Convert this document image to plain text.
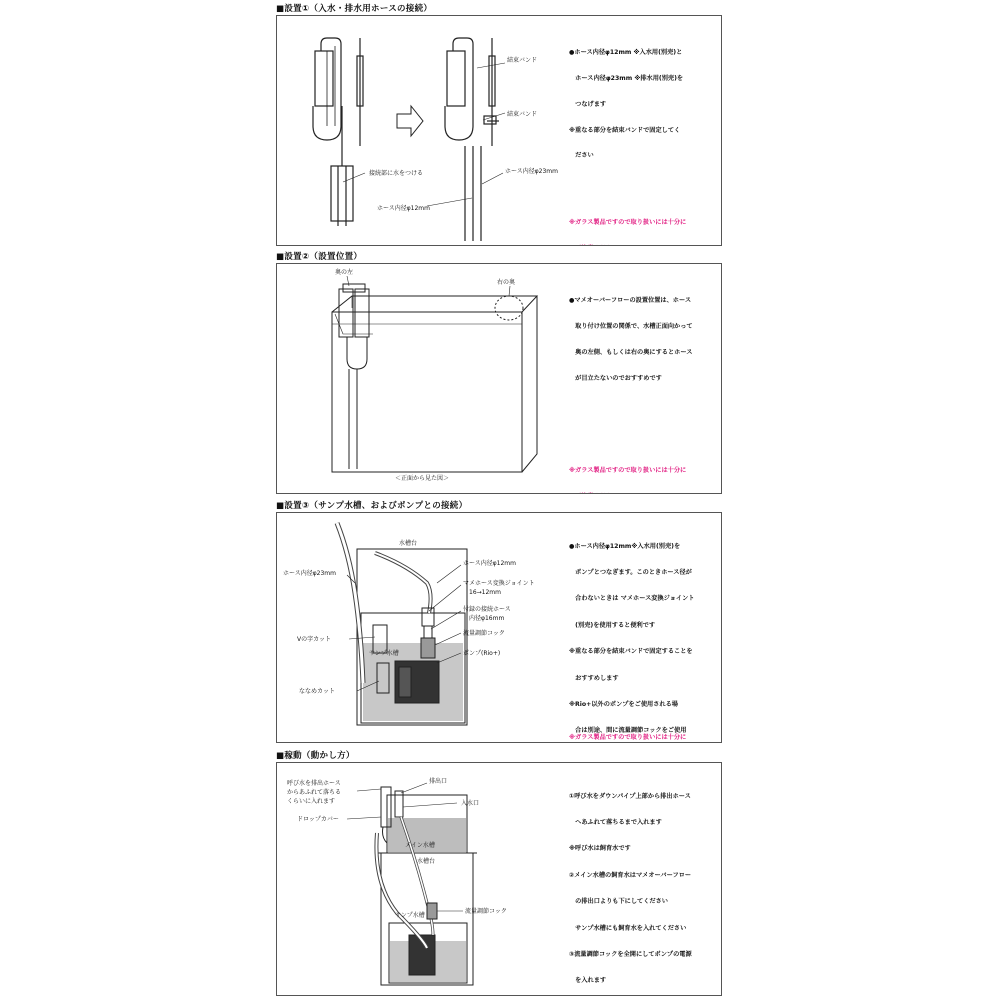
■設置①（入水・排水用ホースの接続）
結束バンド
結束バンド
ホース内径φ23mm
接続部に水をつける
ホース内径φ12mm

●ホース内径φ12mm ※入水用(別売)と

　ホース内径φ23mm ※排水用(別売)を

　つなげます

※重なる部分を結束バンドで固定してく

　ださい

※ガラス製品ですので取り扱いには十分に

■設置②（設置位置）
奥の左
右の奥
＜正面から見た図＞

●マメオーバーフローの設置位置は、ホース

　取り付け位置の関係で、水槽正面向かって

　奥の左側、もしくは右の奥にするとホース

　が目立たないのでおすすめです

※ガラス製品ですので取り扱いには十分に

■設置③（サンプ水槽、およびポンプとの接続）
水槽台
ホース内径φ23mm
ホース内径φ12mm
マメホース変換ジョイント
16→12mm
付録の接続ホース
内径φ16mm
流量調節コック
Vの字カット
サンプ水槽	ポンプ(Rio+)
ななめカット

●ホース内径φ12mm※入水用(別売)を

　ポンプとつなぎます。このときホース径が

　合わないときは マメホース変換ジョイント

　(別売)を使用すると便利です

※重なる部分を結束バンドで固定することを

　おすすめします

※Rio+以外のポンプをご使用される場

　合は別途、間に流量調節コックをご使用

※ガラス製品ですので取り扱いには十分に

■稼動（動かし方）
呼び水を排出ホース
からあふれて落ちる
くらいに入れます
排出口
入水口
ドロップカバー
メイン水槽
水槽台
サンプ水槽
流量調節コック

①呼び水をダウンパイプ上部から排出ホース

　へあふれて落ちるまで入れます

※呼び水は飼育水です

②メイン水槽の飼育水はマメオーバーフロー

　の排出口よりも下にしてください

　サンプ水槽にも飼育水を入れてください

③流量調節コックを全開にしてポンプの電源

　を入れます
